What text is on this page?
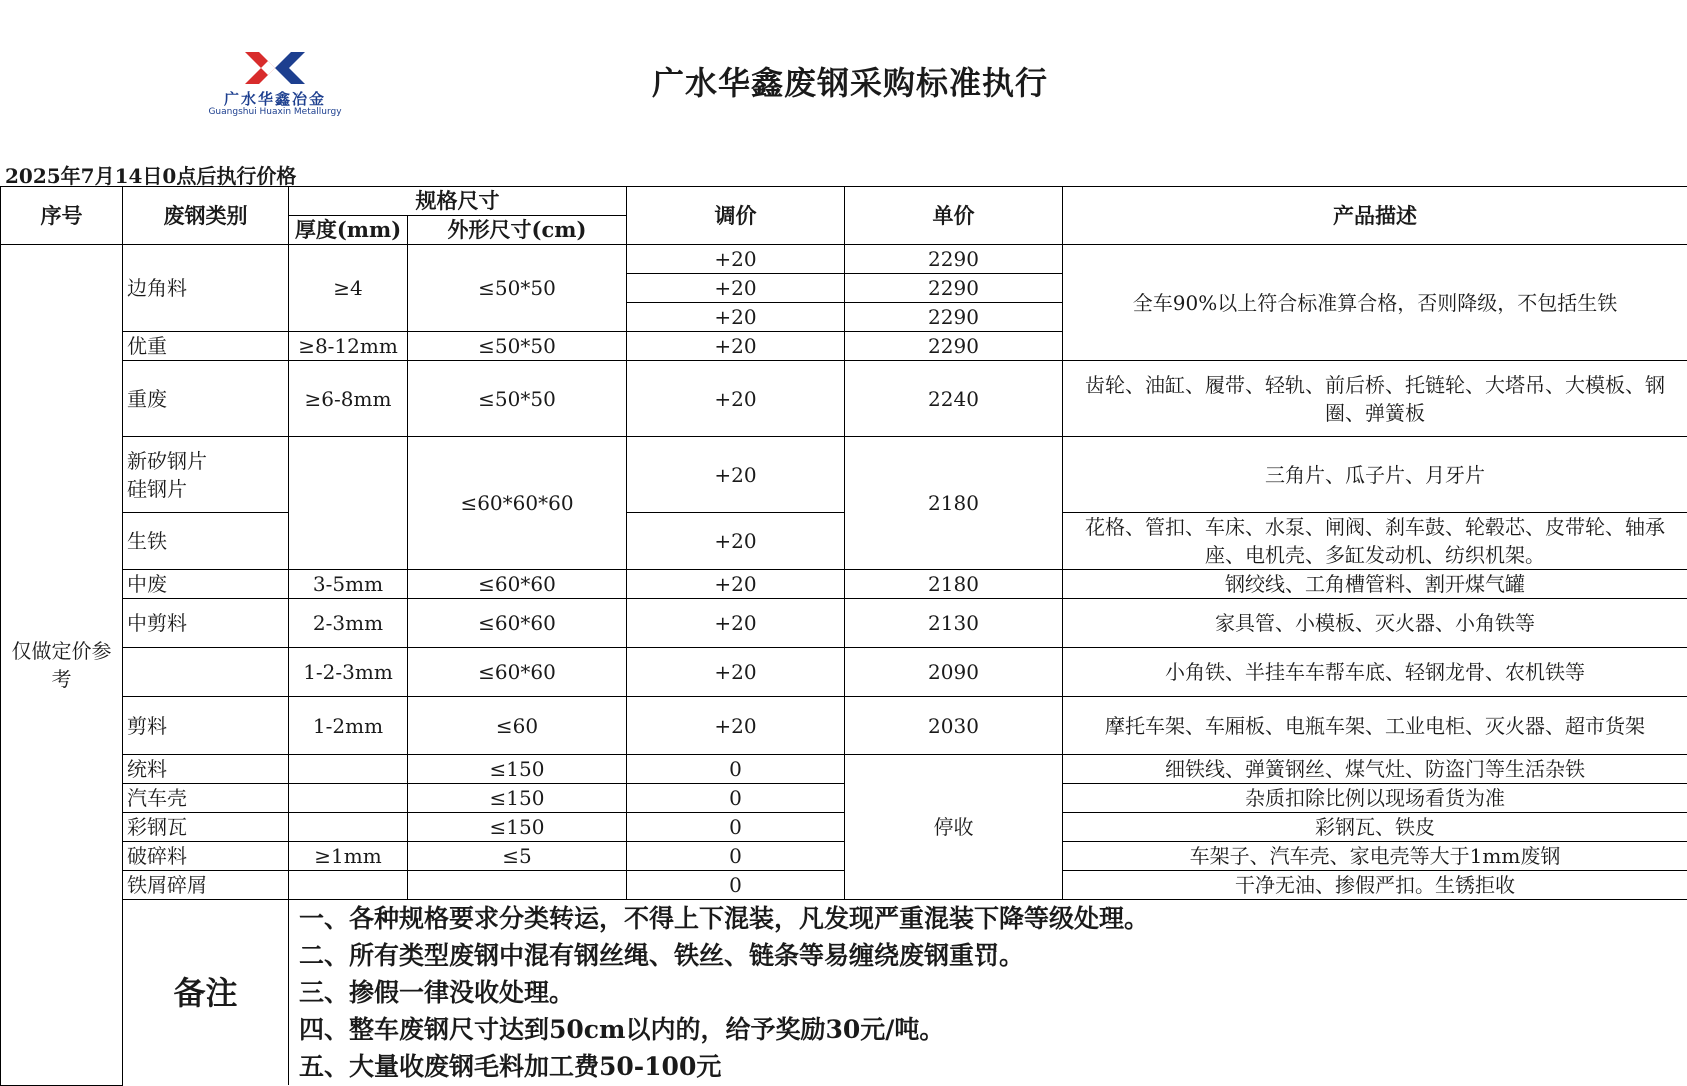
广水华鑫冶金
Guangshui Huaxin Metallurgy
广水华鑫废钢采购标准执行
2025年7月14日0点后执行价格
序号	废钢类别	规格尺寸		调价	单价	产品描述
		厚度(mm)	外形尺寸(cm)			
仅做定价参考	边角料	≥4	≤50*50	+20	2290	全车90%以上符合标准算合格，否则降级，不包括生铁
				+20	2290	
				+20	2290	
	优重	≥8-12mm	≤50*50	+20	2290	
	重废	≥6-8mm	≤50*50	+20	2240	齿轮、油缸、履带、轻轨、前后桥、托链轮、大塔吊、大模板、钢圈、弹簧板
	新矽钢片
硅钢片		≤60*60*60	+20	2180	三角片、瓜子片、月牙片
	生铁			+20		花格、管扣、车床、水泵、闸阀、刹车鼓、轮毂芯、皮带轮、轴承座、电机壳、多缸发动机、纺织机架。
	中废	3-5mm	≤60*60	+20	2180	钢绞线、工角槽管料、割开煤气罐
	中剪料	2-3mm	≤60*60	+20	2130	家具管、小模板、灭火器、小角铁等
		1-2-3mm	≤60*60	+20	2090	小角铁、半挂车车帮车底、轻钢龙骨、农机铁等
	剪料	1-2mm	≤60	+20	2030	摩托车架、车厢板、电瓶车架、工业电柜、灭火器、超市货架
	统料		≤150	0	停收	细铁线、弹簧钢丝、煤气灶、防盗门等生活杂铁
	汽车壳		≤150	0		杂质扣除比例以现场看货为准
	彩钢瓦		≤150	0		彩钢瓦、铁皮
	破碎料	≥1mm	≤5	0		车架子、汽车壳、家电壳等大于1mm废钢
	铁屑碎屑			0		干净无油、掺假严扣。生锈拒收
	备注	一、各种规格要求分类转运，不得上下混装，凡发现严重混装下降等级处理。
二、所有类型废钢中混有钢丝绳、铁丝、链条等易缠绕废钢重罚。
三、掺假一律没收处理。
四、整车废钢尺寸达到50cm以内的，给予奖励30元/吨。
五、大量收废钢毛料加工费50-100元				
